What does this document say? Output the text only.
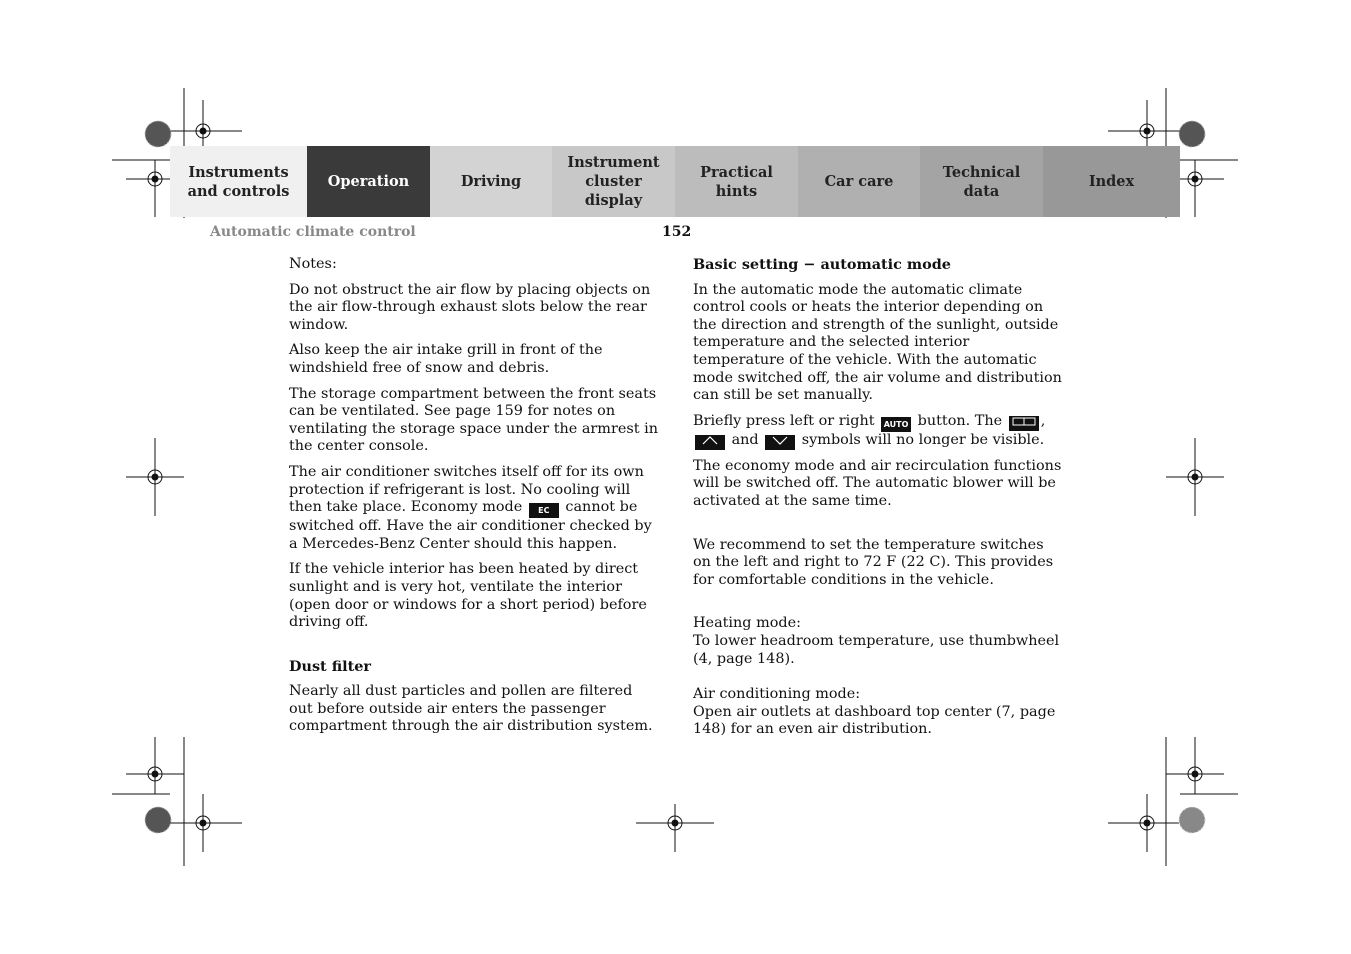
Instruments
and controls
Operation	Driving
Instrument
cluster display
Practical hints
Car care
Technical
data
Index
Automatic climate control	152

Notes:

Do not obstruct the air flow by placing objects on the air flow-through exhaust slots below the rear window.

Also keep the air intake grill in front of the windshield free of snow and debris.

The storage compartment between the front seats can be ventilated. See page 159 for notes on ventilating the storage space under the armrest in the center console.

The air conditioner switches itself off for its own protection if refrigerant is lost. No cooling will then take place. Economy mode EC cannot be switched off. Have the air conditioner checked by a Mercedes-Benz Center should this happen.

If the vehicle interior has been heated by direct sunlight and is very hot, ventilate the interior (open door or windows for a short period) before driving off.

Dust filter

Nearly all dust particles and pollen are filtered out before outside air enters the passenger compartment through the air distribution system.

Basic setting − automatic mode

In the automatic mode the automatic climate control cools or heats the interior depending on the direction and strength of the sunlight, outside temperature and the selected interior temperature of the vehicle. With the automatic mode switched off, the air volume and distribution can still be set manually.

Briefly press left or right AUTO button. The	,  and	symbols will no longer be visible.

The economy mode and air recirculation functions will be switched off. The automatic blower will be activated at the same time.

We recommend to set the temperature switches on the left and right to 72 F (22 C). This provides for comfortable conditions in the vehicle.

Heating mode:
To lower headroom temperature, use thumbwheel (4, page 148).

Air conditioning mode:
Open air outlets at dashboard top center (7, page 148) for an even air distribution.
